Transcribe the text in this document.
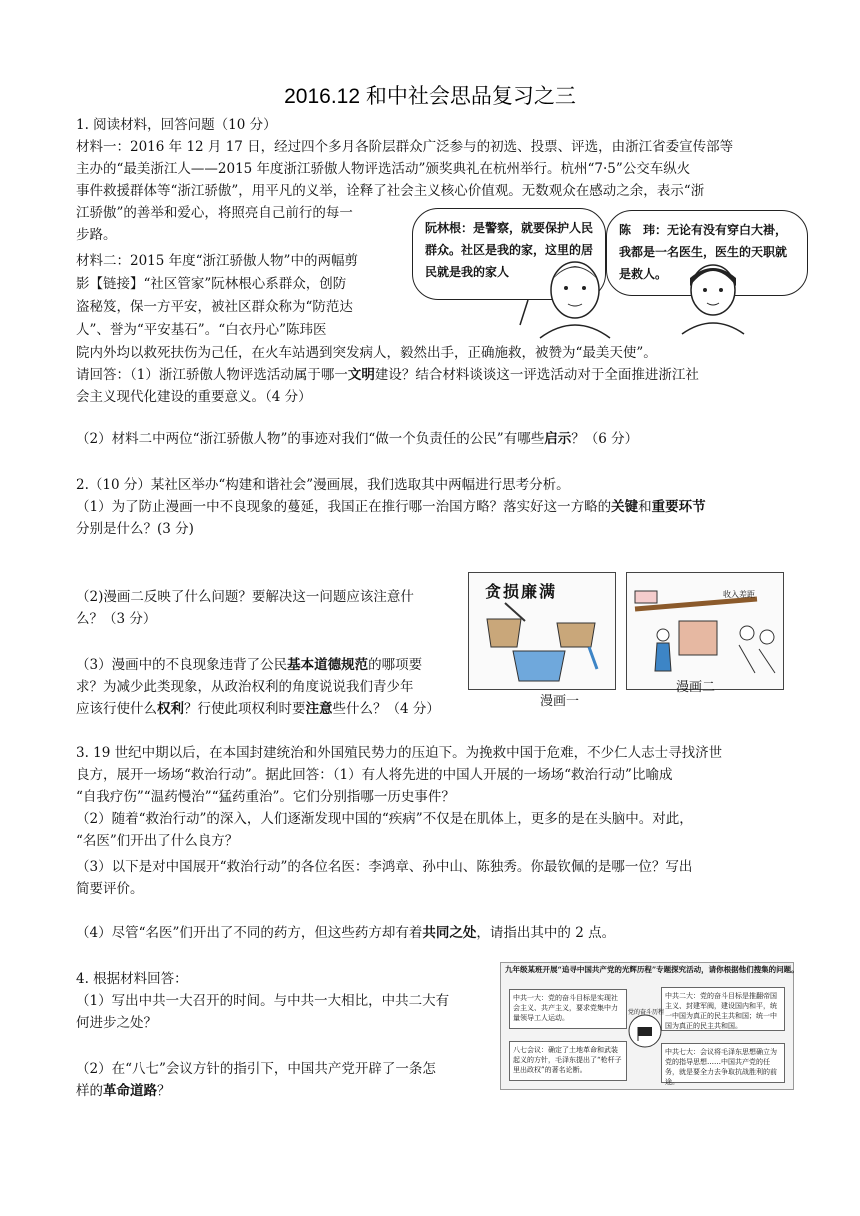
2016.12 和中社会思品复习之三
1. 阅读材料，回答问题（10 分）
材料一：2016 年 12 月 17 日，经过四个多月各阶层群众广泛参与的初选、投票、评选，由浙江省委宣传部等
主办的“最美浙江人——2015 年度浙江骄傲人物评选活动”颁奖典礼在杭州举行。杭州“7·5”公交车纵火
事件救援群体等“浙江骄傲”，用平凡的义举，诠释了社会主义核心价值观。无数观众在感动之余，表示“浙
江骄傲”的善举和爱心，将照亮自己前行的每一
步路。
材料二：2015 年度“浙江骄傲人物”中的两幅剪
影【链接】“社区管家”阮林根心系群众，创防
盗秘笈，保一方平安，被社区群众称为“防范达
人”、誉为“平安基石”。“白衣丹心”陈玮医
院内外均以救死扶伤为己任，在火车站遇到突发病人，毅然出手，正确施救，被赞为“最美天使”。
阮林根：是警察，就要保护人民群众。社区是我的家，这里的居民就是我的家人
陈　玮：无论有没有穿白大褂，我都是一名医生，医生的天职就是救人。
请回答：（1）浙江骄傲人物评选活动属于哪一文明建设？结合材料谈谈这一评选活动对于全面推进浙江社
会主义现代化建设的重要意义。（4 分）
（2）材料二中两位“浙江骄傲人物”的事迹对我们“做一个负责任的公民”有哪些启示？（6 分）
2.（10 分）某社区举办“构建和谐社会”漫画展，我们选取其中两幅进行思考分析。
（1）为了防止漫画一中不良现象的蔓延，我国正在推行哪一治国方略？落实好这一方略的关键和重要环节
分别是什么？(3 分)
（2)漫画二反映了什么问题？要解决这一问题应该注意什
么？（3 分）
（3）漫画中的不良现象违背了公民基本道德规范的哪项要
求？为减少此类现象，从政治权利的角度说说我们青少年
应该行使什么权利？行使此项权利时要注意些什么？（4 分）
贪损廉满
漫画一
收入差距
漫画二
3. 19 世纪中期以后，在本国封建统治和外国殖民势力的压迫下。为挽救中国于危难，不少仁人志士寻找济世
良方，展开一场场“救治行动”。据此回答：（1）有人将先进的中国人开展的一场场“救治行动”比喻成
“自我疗伤”“温药慢治”“猛药重治”。它们分别指哪一历史事件？
（2）随着“救治行动”的深入，人们逐渐发现中国的“疾病”不仅是在肌体上，更多的是在头脑中。对此，
“名医”们开出了什么良方？
（3）以下是对中国展开“救治行动”的各位名医：李鸿章、孙中山、陈独秀。你最钦佩的是哪一位？写出
简要评价。
（4）尽管“名医”们开出了不同的药方，但这些药方却有着共同之处，请指出其中的 2 点。
4. 根据材料回答：
（1）写出中共一大召开的时间。与中共一大相比，中共二大有
何进步之处？
（2）在“八七”会议方针的指引下，中国共产党开辟了一条怎
样的革命道路？
九年级某班开展“追寻中国共产党的光辉历程”专题探究活动，请你根据他们搜集的问题。
中共一大：党的奋斗目标是实现社会主义、共产主义，要求党集中力量领导工人运动。
中共二大：党的奋斗目标是推翻帝国主义、封建军阀，建设国内和平，统一中国为真正的民主共和国；统一中国为真正的民主共和国。
八七会议：确定了土地革命和武装起义的方针，毛泽东提出了“枪杆子里出政权”的著名论断。
中共七大：会议将毛泽东思想确立为党的指导思想……中国共产党的任务，就是要全力去争取抗战胜利的前途。
党的奋斗历程
